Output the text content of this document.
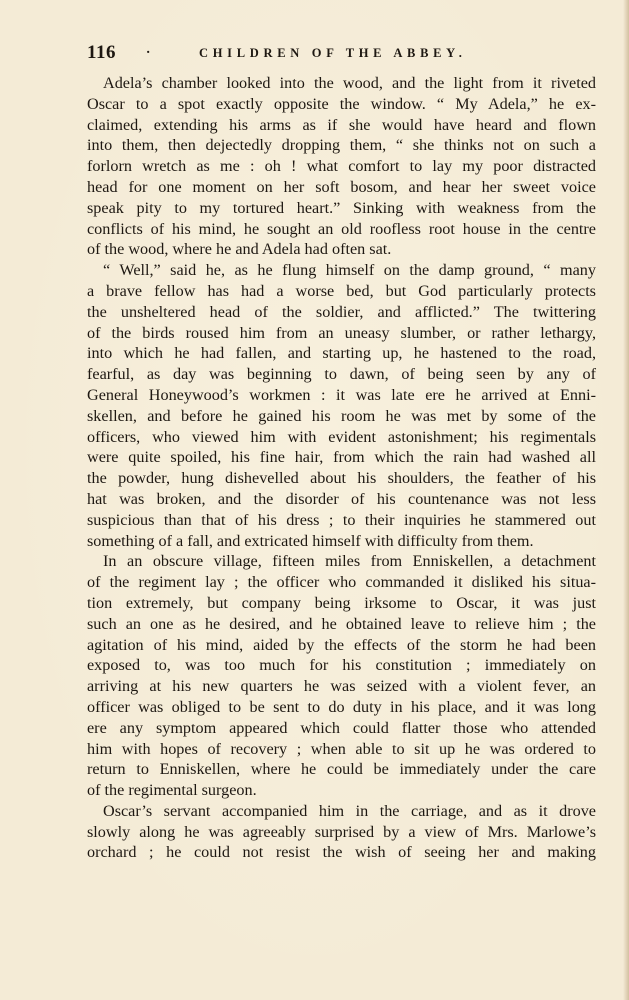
116 ·	CHILDREN OF THE ABBEY.
Adela’s chamber looked into the wood, and the light from it riveted
Oscar to a spot exactly opposite the window. “ My Adela,” he ex-
claimed, extending his arms as if she would have heard and flown
into them, then dejectedly dropping them, “ she thinks not on such a
forlorn wretch as me : oh ! what comfort to lay my poor distracted
head for one moment on her soft bosom, and hear her sweet voice
speak pity to my tortured heart.” Sinking with weakness from the
conflicts of his mind, he sought an old roofless root house in the centre
of the wood, where he and Adela had often sat.
“ Well,” said he, as he flung himself on the damp ground, “ many
a brave fellow has had a worse bed, but God particularly protects
the unsheltered head of the soldier, and afflicted.” The twittering
of the birds roused him from an uneasy slumber, or rather lethargy,
into which he had fallen, and starting up, he hastened to the road,
fearful, as day was beginning to dawn, of being seen by any of
General Honeywood’s workmen : it was late ere he arrived at Enni-
skellen, and before he gained his room he was met by some of the
officers, who viewed him with evident astonishment; his regimentals
were quite spoiled, his fine hair, from which the rain had washed all
the powder, hung dishevelled about his shoulders, the feather of his
hat was broken, and the disorder of his countenance was not less
suspicious than that of his dress ; to their inquiries he stammered out
something of a fall, and extricated himself with difficulty from them.
In an obscure village, fifteen miles from Enniskellen, a detachment
of the regiment lay ; the officer who commanded it disliked his situa-
tion extremely, but company being irksome to Oscar, it was just
such an one as he desired, and he obtained leave to relieve him ; the
agitation of his mind, aided by the effects of the storm he had been
exposed to, was too much for his constitution ; immediately on
arriving at his new quarters he was seized with a violent fever, an
officer was obliged to be sent to do duty in his place, and it was long
ere any symptom appeared which could flatter those who attended
him with hopes of recovery ; when able to sit up he was ordered to
return to Enniskellen, where he could be immediately under the care
of the regimental surgeon.
Oscar’s servant accompanied him in the carriage, and as it drove
slowly along he was agreeably surprised by a view of Mrs. Marlowe’s
orchard ; he could not resist the wish of seeing her and making
